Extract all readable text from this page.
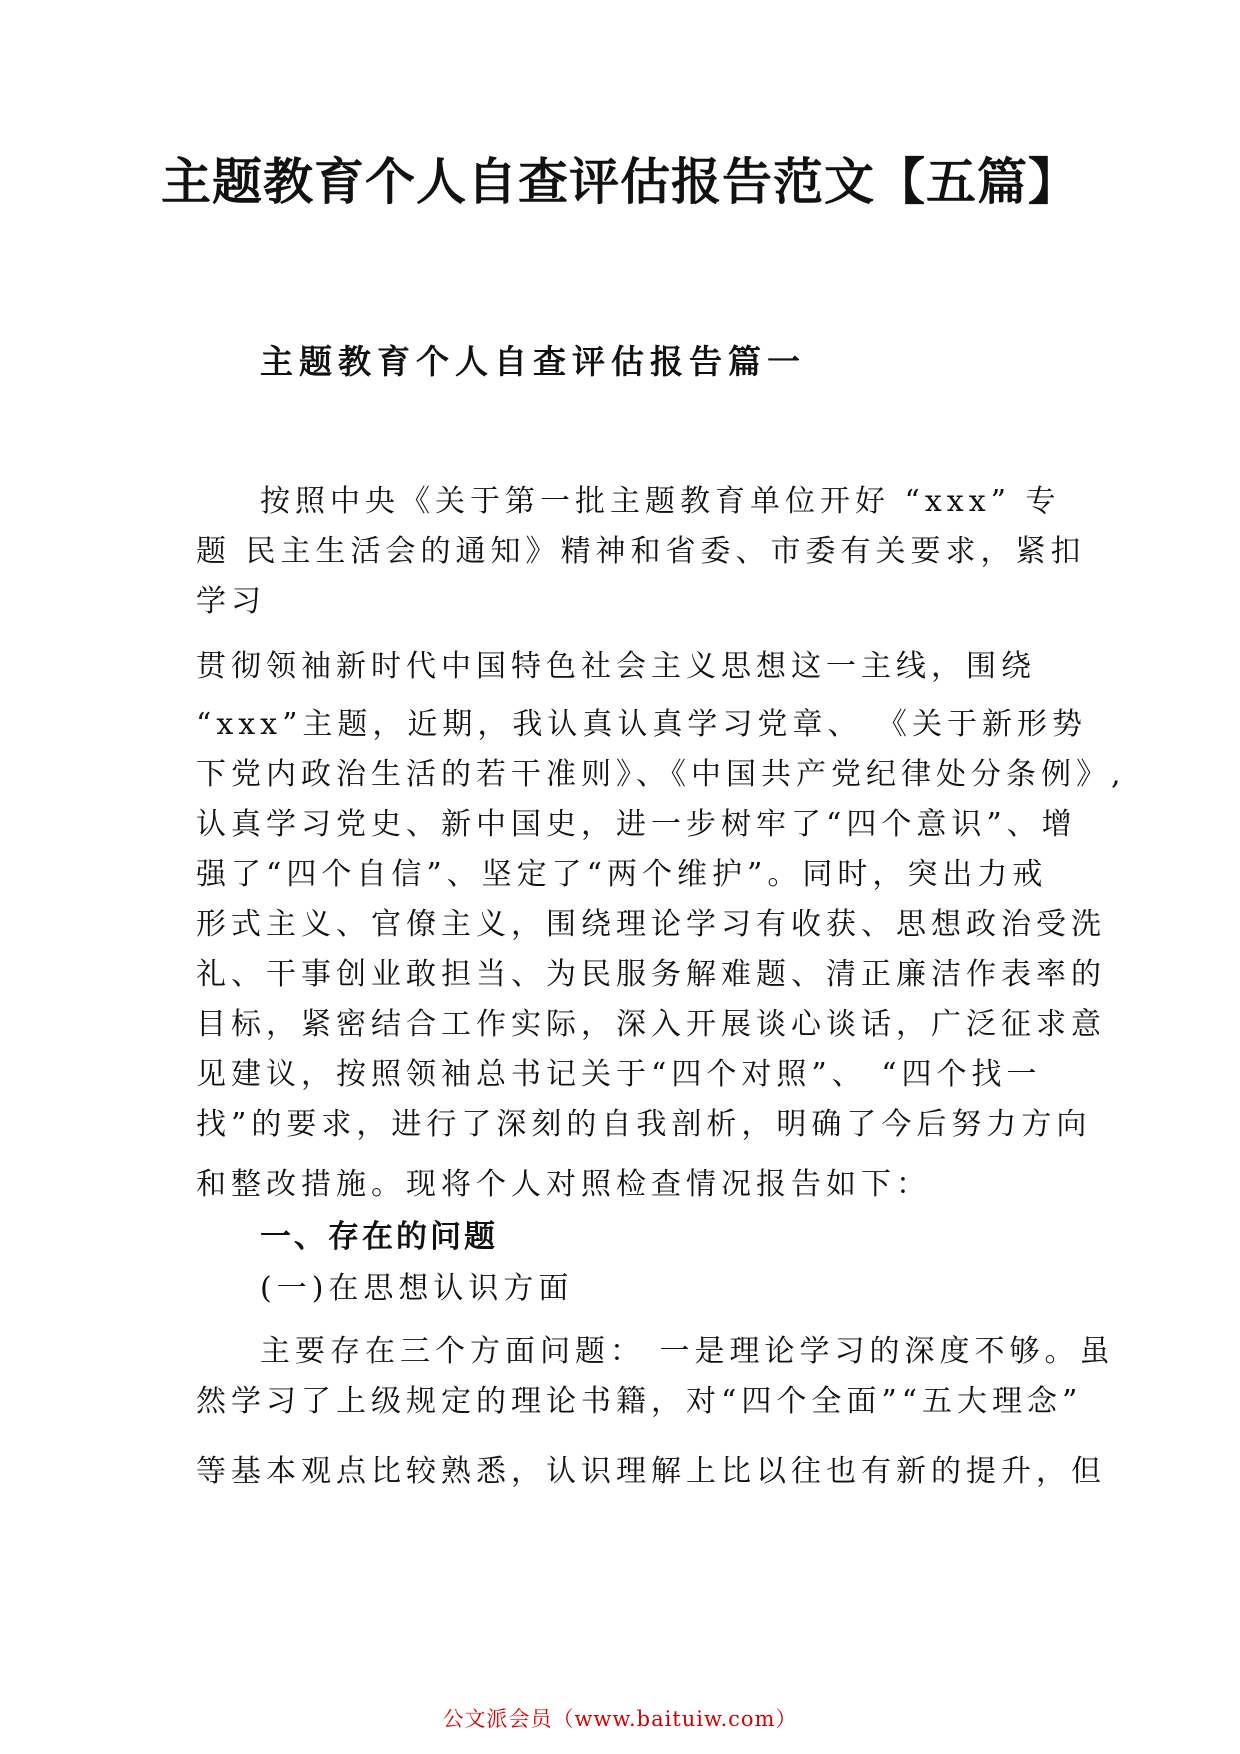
主题教育个人自查评估报告范文【五篇】
主题教育个人自查评估报告篇一
按照中央《关于第一批主题教育单位开好 “xxx” 专
题 民主生活会的通知》精神和省委、市委有关要求，紧扣
学习
贯彻领袖新时代中国特色社会主义思想这一主线，围绕
“xxx”主题，近期，我认真认真学习党章、 《关于新形势
下党内政治生活的若干准则》、《中国共产党纪律处分条例》,
认真学习党史、新中国史，进一步树牢了“四个意识”、增
强了“四个自信”、坚定了“两个维护”。同时，突出力戒
形式主义、官僚主义，围绕理论学习有收获、思想政治受洗
礼、干事创业敢担当、为民服务解难题、清正廉洁作表率的
目标，紧密结合工作实际，深入开展谈心谈话，广泛征求意
见建议，按照领袖总书记关于“四个对照”、 “四个找一
找”的要求，进行了深刻的自我剖析，明确了今后努力方向
和整改措施。现将个人对照检查情况报告如下：
一、存在的问题
(一)在思想认识方面
主要存在三个方面问题： 一是理论学习的深度不够。虽
然学习了上级规定的理论书籍，对“四个全面”“五大理念”
等基本观点比较熟悉，认识理解上比以往也有新的提升，但
公文派会员（www.baituiw.com）
